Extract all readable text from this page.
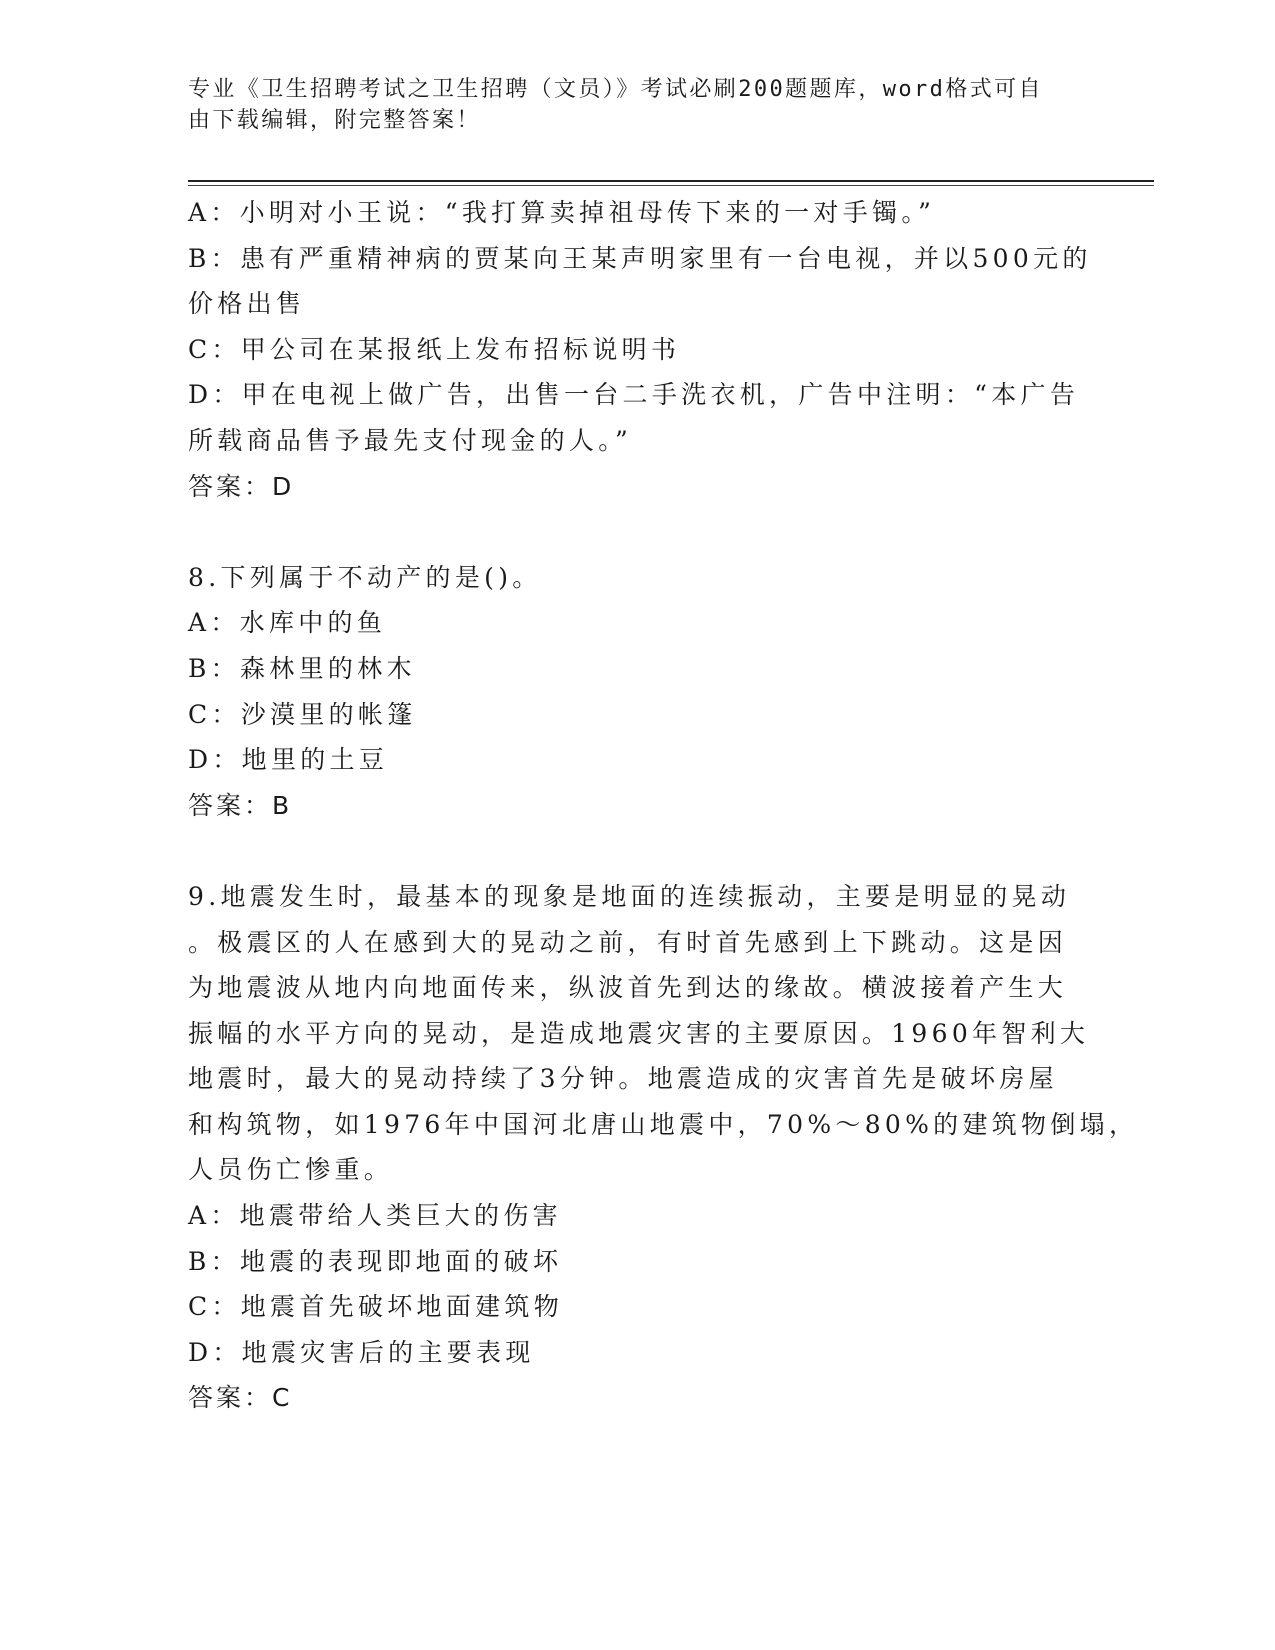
专业《卫生招聘考试之卫生招聘（文员）》考试必刷200题题库，word格式可自
由下载编辑，附完整答案！
A：小明对小王说：“我打算卖掉祖母传下来的一对手镯。”
B：患有严重精神病的贾某向王某声明家里有一台电视，并以500元的
价格出售
C：甲公司在某报纸上发布招标说明书
D：甲在电视上做广告，出售一台二手洗衣机，广告中注明：“本广告
所载商品售予最先支付现金的人。”
答案：D
8.下列属于不动产的是()。
A：水库中的鱼
B：森林里的林木
C：沙漠里的帐篷
D：地里的土豆
答案：B
9.地震发生时，最基本的现象是地面的连续振动，主要是明显的晃动
。极震区的人在感到大的晃动之前，有时首先感到上下跳动。这是因
为地震波从地内向地面传来，纵波首先到达的缘故。横波接着产生大
振幅的水平方向的晃动，是造成地震灾害的主要原因。1960年智利大
地震时，最大的晃动持续了3分钟。地震造成的灾害首先是破坏房屋
和构筑物，如1976年中国河北唐山地震中，70%～80%的建筑物倒塌，
人员伤亡惨重。
A：地震带给人类巨大的伤害
B：地震的表现即地面的破坏
C：地震首先破坏地面建筑物
D：地震灾害后的主要表现
答案：C
